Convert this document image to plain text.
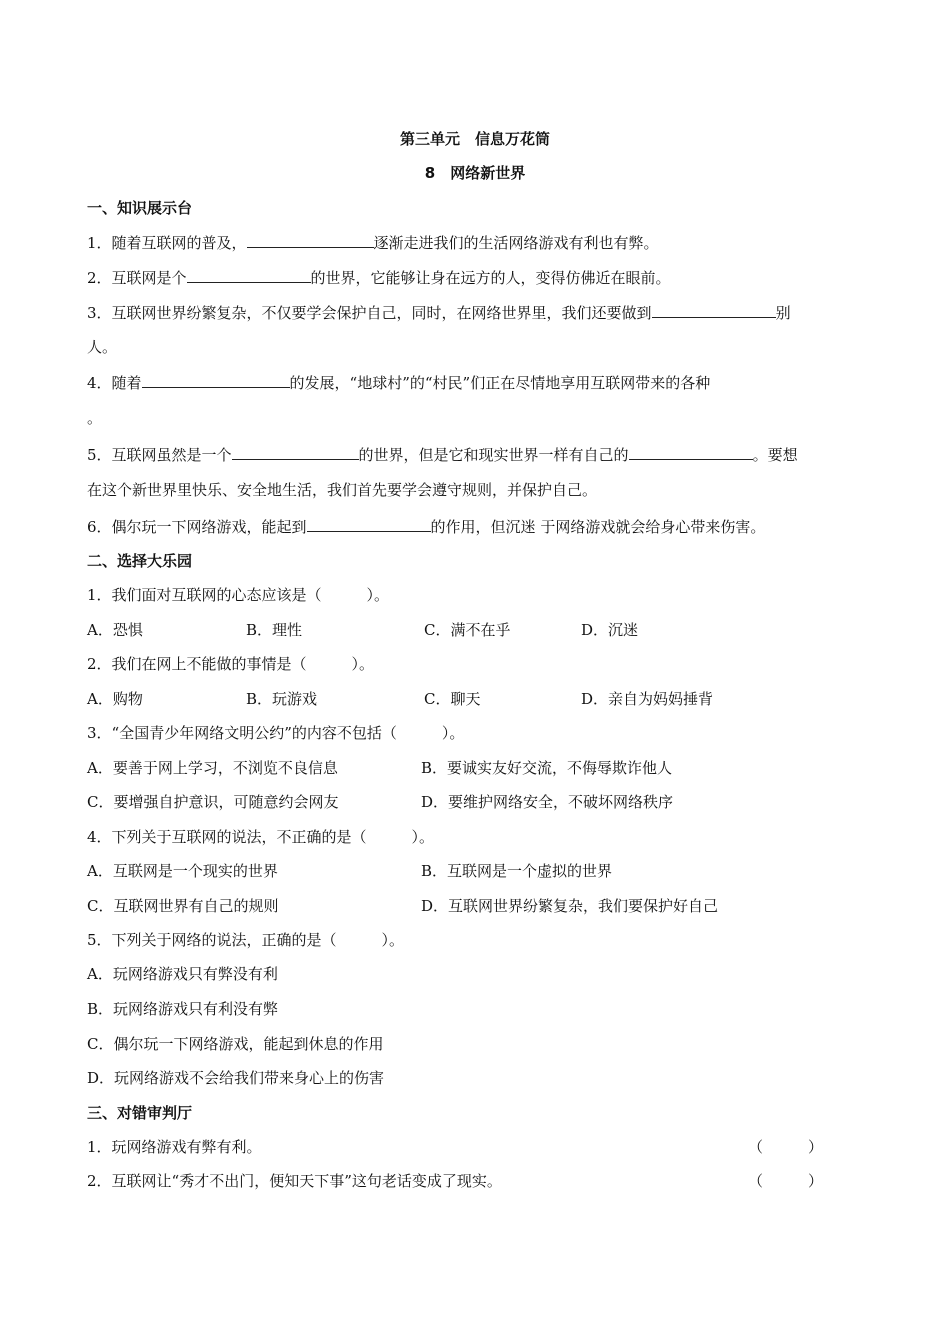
第三单元　信息万花筒
8　网络新世界
一、知识展示台
1．随着互联网的普及，	逐渐走进我们的生活网络游戏有利也有弊。
2．互联网是个	的世界，它能够让身在远方的人，变得仿佛近在眼前。
3．互联网世界纷繁复杂，不仅要学会保护自己，同时，在网络世界里，我们还要做到	别
人。
4．随着	的发展，“地球村”的“村民”们正在尽情地享用互联网带来的各种
。
5．互联网虽然是一个	的世界，但是它和现实世界一样有自己的	。要想
在这个新世界里快乐、安全地生活，我们首先要学会遵守规则，并保护自己。
6．偶尔玩一下网络游戏，能起到	的作用，但沉迷 于网络游戏就会给身心带来伤害。
二、选择大乐园
1．我们面对互联网的心态应该是（　　　）。
A．恐惧	B．理性	C．满不在乎	D．沉迷
2．我们在网上不能做的事情是（　　　）。
A．购物	B．玩游戏	C．聊天	D．亲自为妈妈捶背
3．“全国青少年网络文明公约”的内容不包括（　　　）。
A．要善于网上学习，不浏览不良信息	B．要诚实友好交流，不侮辱欺诈他人
C．要增强自护意识，可随意约会网友	D．要维护网络安全，不破坏网络秩序
4．下列关于互联网的说法，不正确的是（　　　）。
A．互联网是一个现实的世界	B．互联网是一个虚拟的世界
C．互联网世界有自己的规则	D．互联网世界纷繁复杂，我们要保护好自己
5．下列关于网络的说法，正确的是（　　　）。
A．玩网络游戏只有弊没有利
B．玩网络游戏只有利没有弊
C．偶尔玩一下网络游戏，能起到休息的作用
D．玩网络游戏不会给我们带来身心上的伤害
三、对错审判厅
1．玩网络游戏有弊有利。	（　　　）
2．互联网让“秀才不出门，便知天下事”这句老话变成了现实。	（　　　）
